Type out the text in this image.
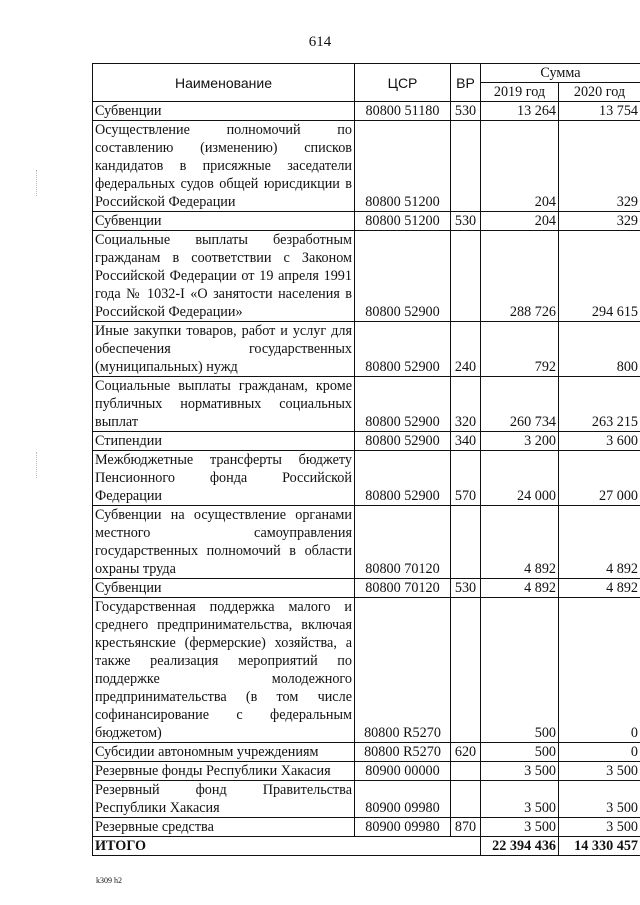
614
Наименование	ЦСР	ВР	Сумма	
			2019 год	2020 год
Субвенции	80800 51180	530	13 264	13 754
Осуществление полномочий по составлению (изменению) списков кандидатов в присяжные заседатели федеральных судов общей юрисдикции в Российской Федерации	80800 51200		204	329
Субвенции	80800 51200	530	204	329
Социальные выплаты безработным гражданам в соответствии с Законом Российской Федерации от 19 апреля 1991 года № 1032-I «О занятости населения в Российской Федерации»	80800 52900		288 726	294 615
Иные закупки товаров, работ и услуг для обеспечения государственных (муниципальных) нужд	80800 52900	240	792	800
Социальные выплаты гражданам, кроме публичных нормативных социальных выплат	80800 52900	320	260 734	263 215
Стипендии	80800 52900	340	3 200	3 600
Межбюджетные трансферты бюджету Пенсионного фонда Российской Федерации	80800 52900	570	24 000	27 000
Субвенции на осуществление органами местного самоуправления государственных полномочий в области охраны труда	80800 70120		4 892	4 892
Субвенции	80800 70120	530	4 892	4 892
Государственная поддержка малого и среднего предпринимательства, включая крестьянские (фермерские) хозяйства, а также реализация мероприятий по поддержке молодежного предпринимательства (в том числе софинансирование с федеральным бюджетом)	80800 R5270		500	0
Субсидии автономным учреждениям	80800 R5270	620	500	0
Резервные фонды Республики Хакасия	80900 00000		3 500	3 500
Резервный фонд Правительства Республики Хакасия	80900 09980		3 500	3 500
Резервные средства	80900 09980	870	3 500	3 500
ИТОГО			22 394 436	14 330 457
k309 h2
